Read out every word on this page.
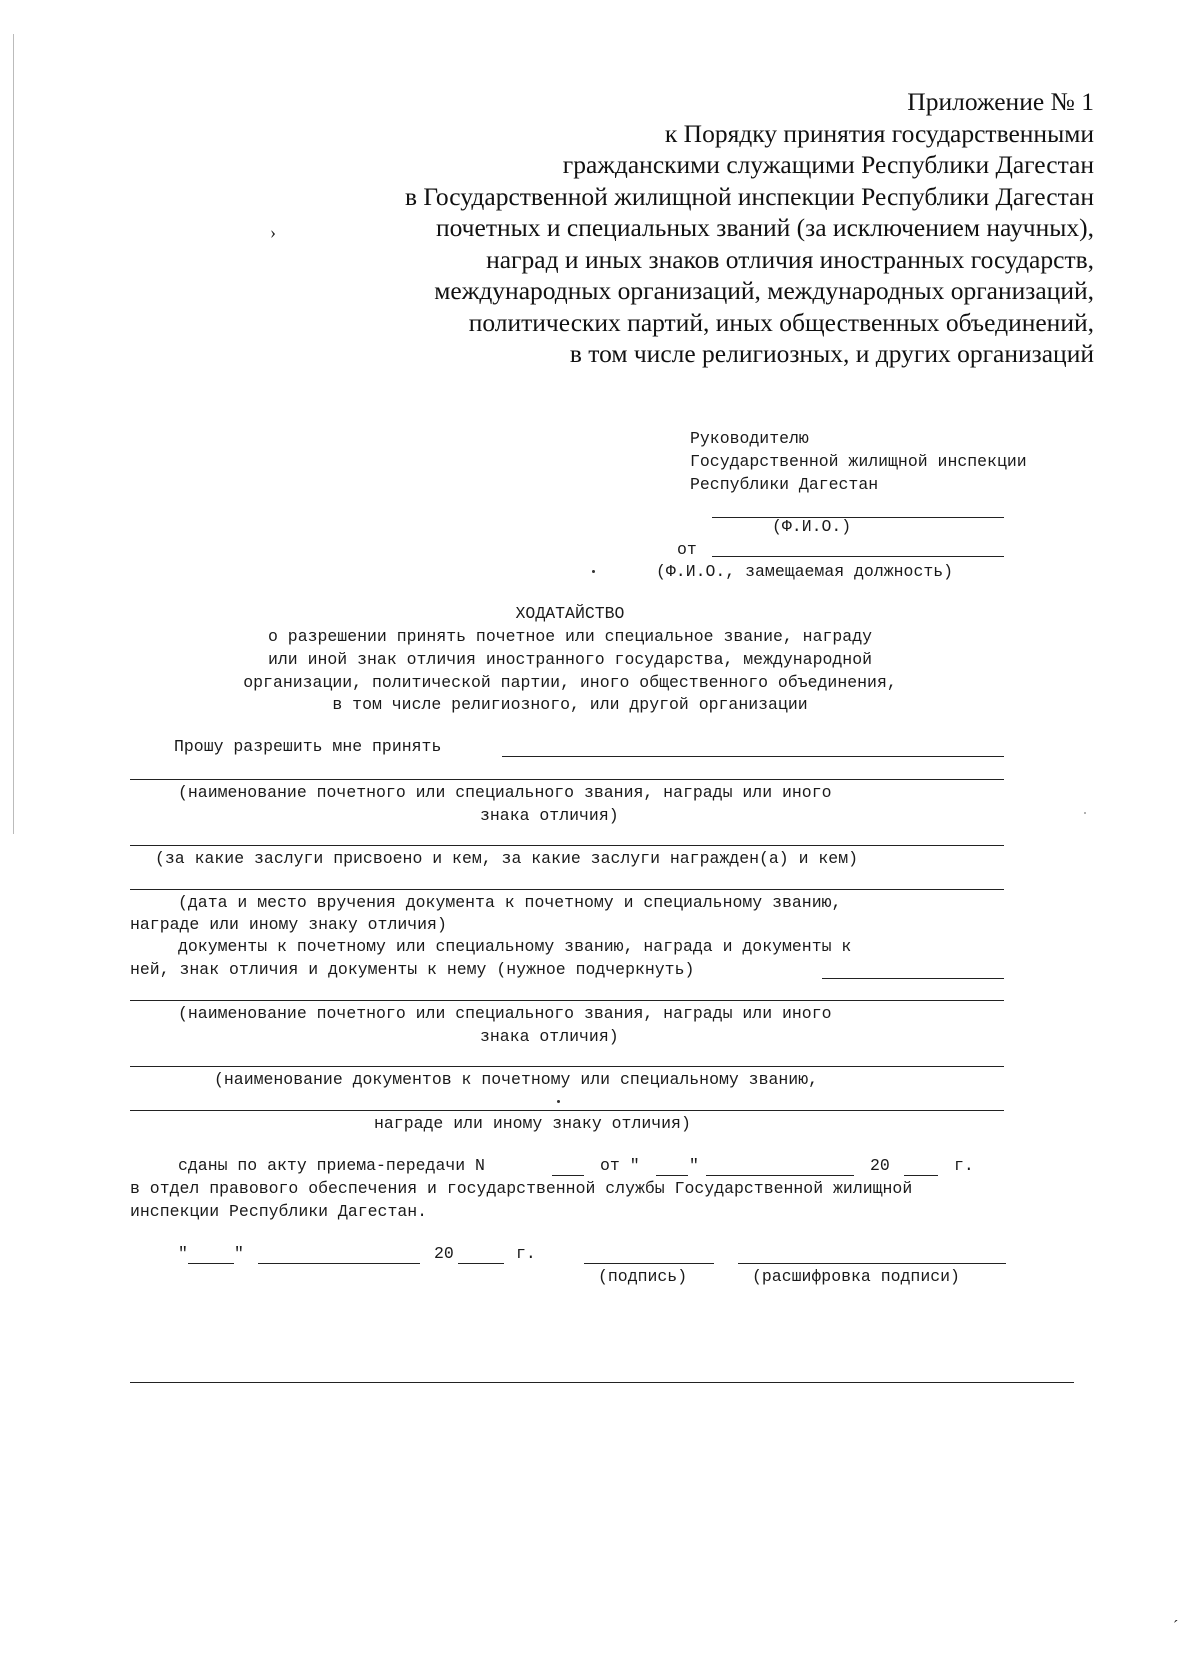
Приложение № 1
к Порядку принятия государственными
гражданскими служащими Республики Дагестан
в Государственной жилищной инспекции Республики Дагестан
почетных и специальных званий (за исключением научных),
наград и иных знаков отличия иностранных государств,
международных организаций, международных организаций,
политических партий, иных общественных объединений,
в том числе религиозных, и других организаций
Руководителю
Государственной жилищной инспекции
Республики Дагестан
(Ф.И.О.)
от
(Ф.И.О., замещаемая должность)
ХОДАТАЙСТВО
о разрешении принять почетное или специальное звание, награду
или иной знак отличия иностранного государства, международной
организации, политической партии, иного общественного объединения,
в том числе религиозного, или другой организации
Прошу разрешить мне принять
(наименование почетного или специального звания, награды или иного
знака отличия)
(за какие заслуги присвоено и кем, за какие заслуги награжден(а) и кем)
(дата и место вручения документа к почетному и специальному званию,
награде или иному знаку отличия)
документы к почетному или специальному званию, награда и документы к
ней, знак отличия и документы к нему (нужное подчеркнуть)
(наименование почетного или специального звания, награды или иного
знака отличия)
(наименование документов к почетному или специальному званию,
награде или иному знаку отличия)
сданы по акту приема-передачи N	от "	"	20	г.
в отдел правового обеспечения и государственной службы Государственной жилищной
инспекции Республики Дагестан.
"	"	20	г.
(подпись)	(расшифровка подписи)
›
ˊ
